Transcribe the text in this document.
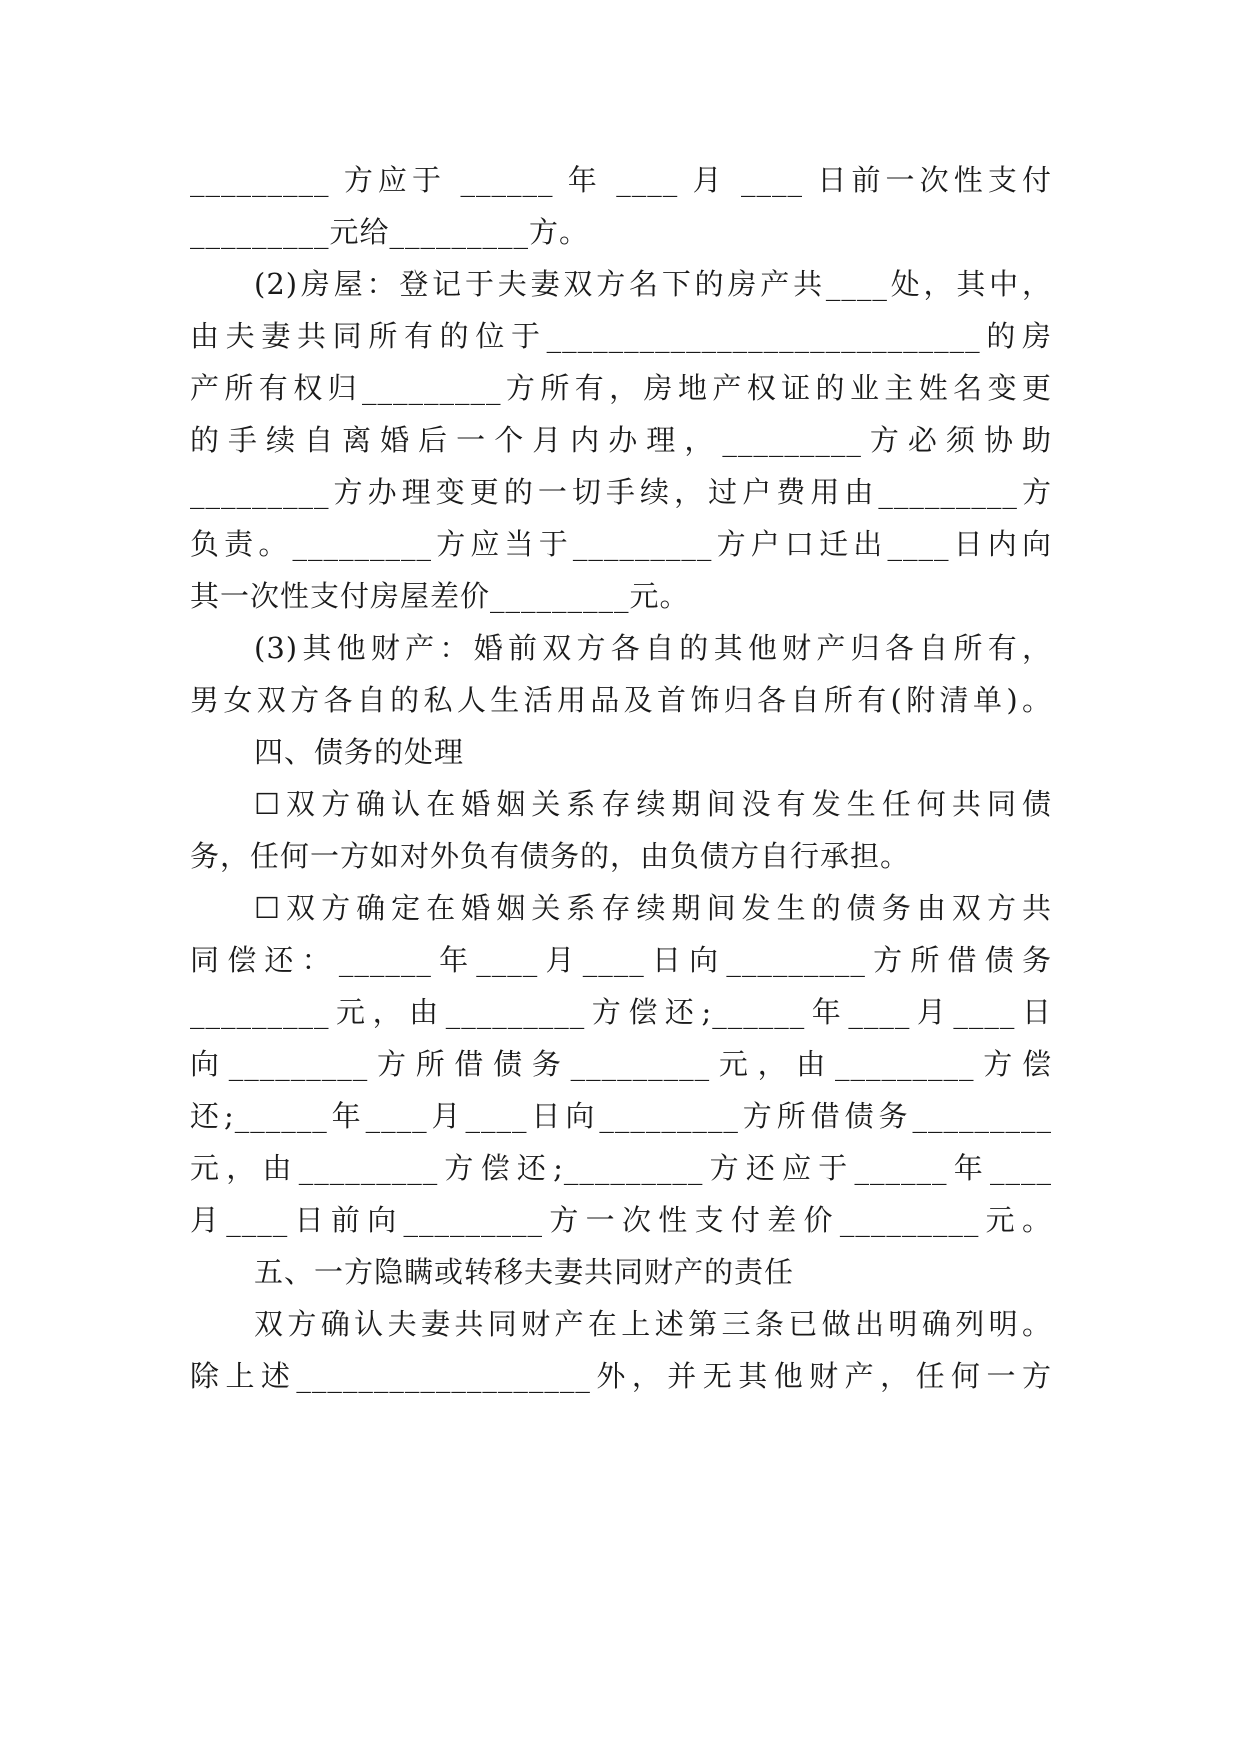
_________ 方应于 ______ 年 ____ 月 ____ 日前一次性支付
_________元给_________方。
(2)房屋：登记于夫妻双方名下的房产共____处，其中，
由夫妻共同所有的位于____________________________的房
产所有权归_________方所有，房地产权证的业主姓名变更
的手续自离婚后一个月内办理，_________方必须协助
_________方办理变更的一切手续，过户费用由_________方
负责。_________方应当于_________方户口迁出____日内向
其一次性支付房屋差价_________元。
(3)其他财产：婚前双方各自的其他财产归各自所有，
男女双方各自的私人生活用品及首饰归各自所有(附清单)。
四、债务的处理
☐双方确认在婚姻关系存续期间没有发生任何共同债
务，任何一方如对外负有债务的，由负债方自行承担。
☐双方确定在婚姻关系存续期间发生的债务由双方共
同偿还：______年____月____日向_________方所借债务
_________元，由_________方偿还;______年____月____日
向_________方所借债务_________元，由_________方偿
还;______年____月____日向_________方所借债务_________
元，由_________方偿还;_________方还应于______年____
月____日前向_________方一次性支付差价_________元。
五、一方隐瞒或转移夫妻共同财产的责任
双方确认夫妻共同财产在上述第三条已做出明确列明。
除上述___________________外，并无其他财产，任何一方
